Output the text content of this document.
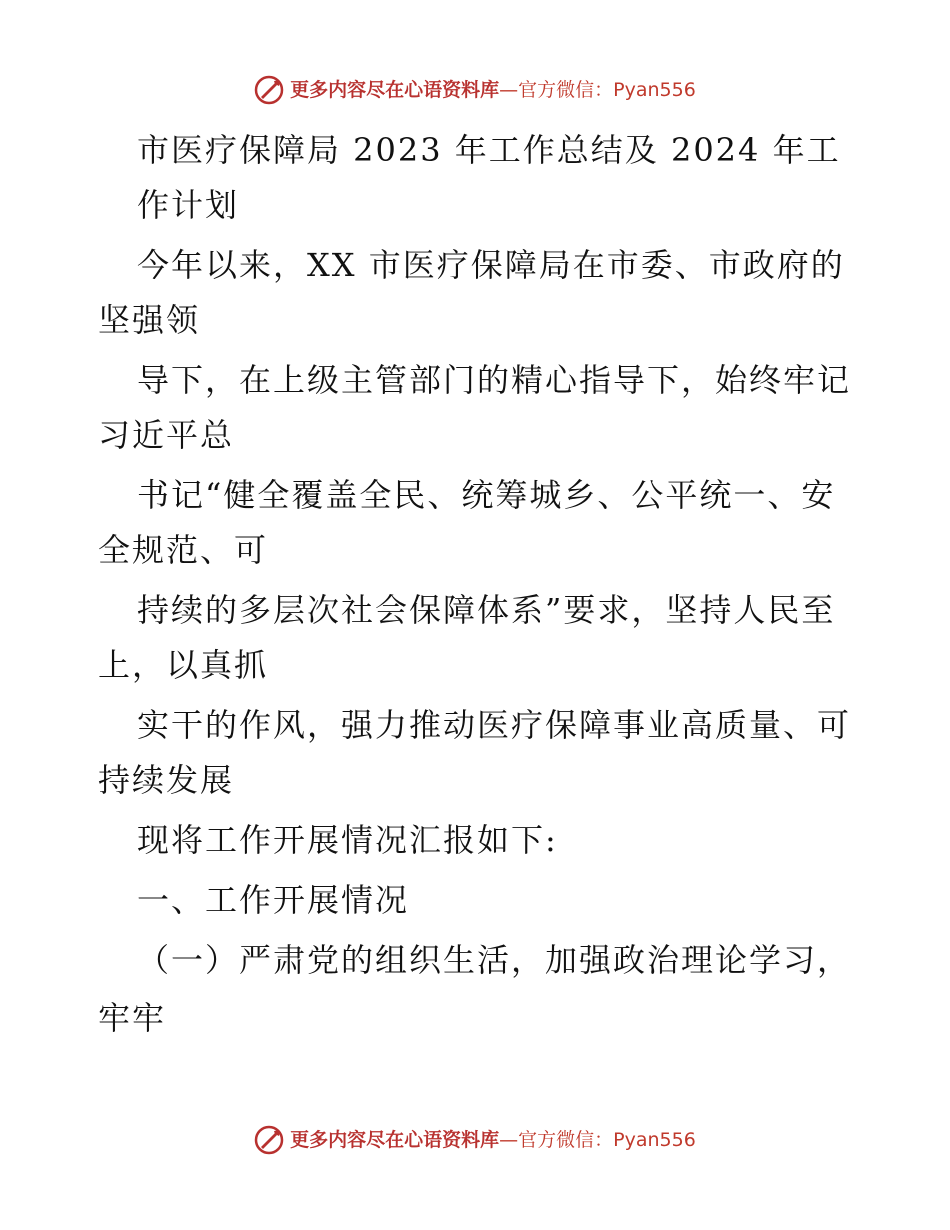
更多内容尽在心语资料库—官方微信：Pyan556
市医疗保障局 2023 年工作总结及 2024 年工
作计划
今年以来，XX 市医疗保障局在市委、市政府的
坚强领
导下，在上级主管部门的精心指导下，始终牢记
习近平总
书记“健全覆盖全民、统筹城乡、公平统一、安
全规范、可
持续的多层次社会保障体系”要求，坚持人民至
上，以真抓
实干的作风，强力推动医疗保障事业高质量、可
持续发展
现将工作开展情况汇报如下:
一、工作开展情况
（一）严肃党的组织生活，加强政治理论学习，
牢牢
更多内容尽在心语资料库—官方微信：Pyan556
